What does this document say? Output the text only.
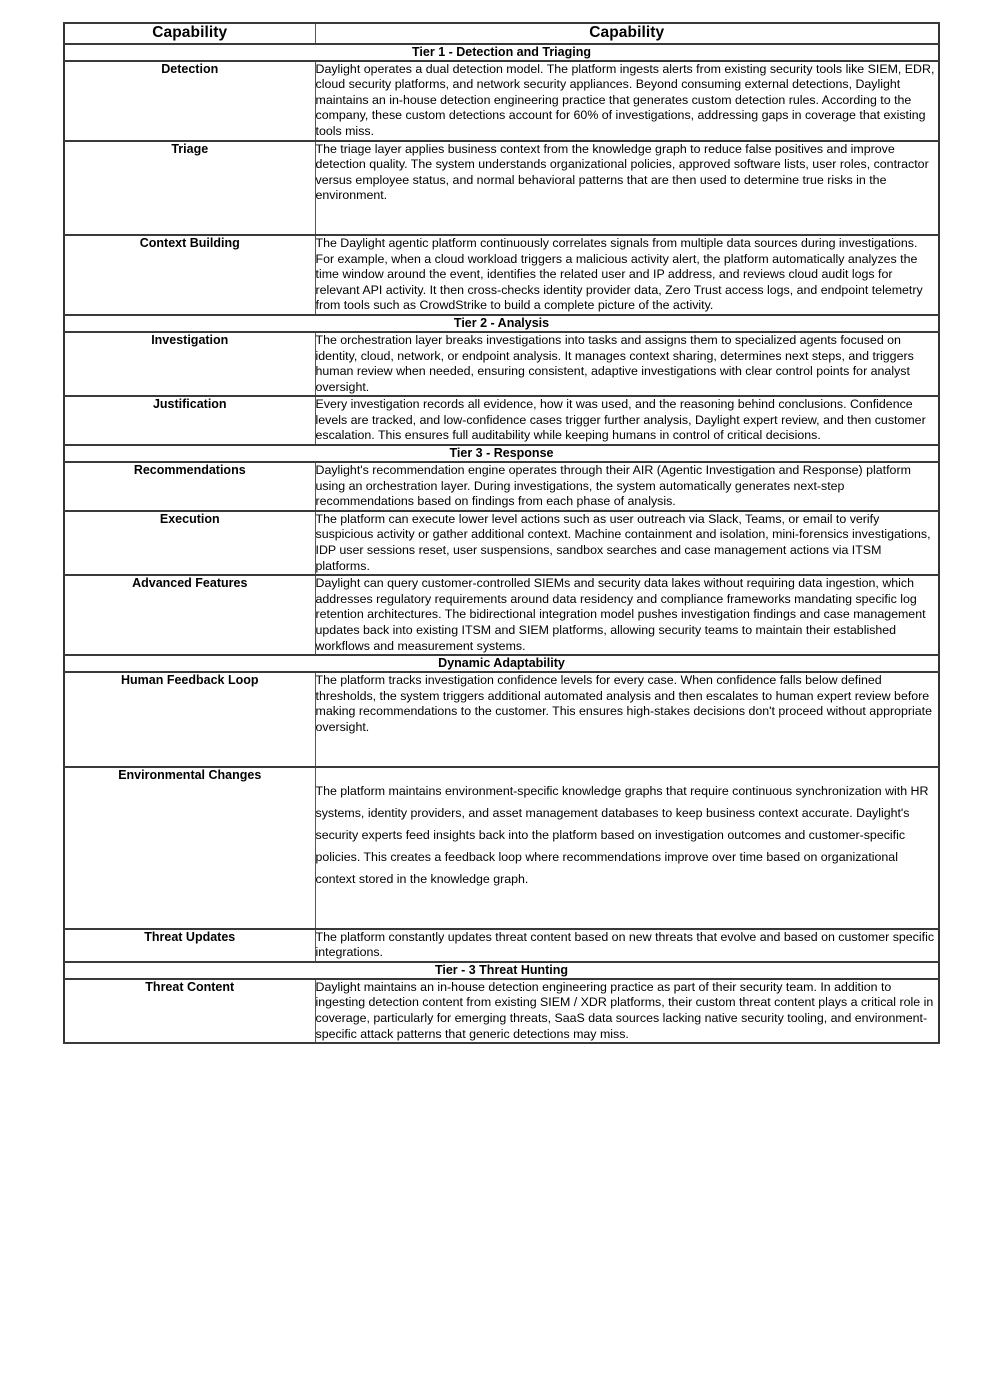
Capability	Capability
Tier 1 - Detection and Triaging	
Detection	Daylight operates a dual detection model. The platform ingests alerts from existing security tools like SIEM, EDR, cloud security platforms, and network security appliances. Beyond consuming external detections, Daylight maintains an in-house detection engineering practice that generates custom detection rules. According to the company, these custom detections account for 60% of investigations, addressing gaps in coverage that existing tools miss.
Triage	The triage layer applies business context from the knowledge graph to reduce false positives and improve detection quality. The system understands organizational policies, approved software lists, user roles, contractor versus employee status, and normal behavioral patterns that are then used to determine true risks in the environment.
Context Building	The Daylight agentic platform continuously correlates signals from multiple data sources during investigations. For example, when a cloud workload triggers a malicious activity alert, the platform automatically analyzes the time window around the event, identifies the related user and IP address, and reviews cloud audit logs for relevant API activity. It then cross-checks identity provider data, Zero Trust access logs, and endpoint telemetry from tools such as CrowdStrike to build a complete picture of the activity.
Tier 2 - Analysis	
Investigation	The orchestration layer breaks investigations into tasks and assigns them to specialized agents focused on identity, cloud, network, or endpoint analysis. It manages context sharing, determines next steps, and triggers human review when needed, ensuring consistent, adaptive investigations with clear control points for analyst oversight.
Justification	Every investigation records all evidence, how it was used, and the reasoning behind conclusions. Confidence levels are tracked, and low-confidence cases trigger further analysis, Daylight expert review, and then customer escalation. This ensures full auditability while keeping humans in control of critical decisions.
Tier 3 - Response	
Recommendations	Daylight's recommendation engine operates through their AIR (Agentic Investigation and Response) platform using an orchestration layer. During investigations, the system automatically generates next-step recommendations based on findings from each phase of analysis.
Execution	The platform can execute lower level actions such as user outreach via Slack, Teams, or email to verify suspicious activity or gather additional context. Machine containment and isolation, mini-forensics investigations, IDP user sessions reset, user suspensions, sandbox searches and case management actions via ITSM platforms.
Advanced Features	Daylight can query customer-controlled SIEMs and security data lakes without requiring data ingestion, which addresses regulatory requirements around data residency and compliance frameworks mandating specific log retention architectures. The bidirectional integration model pushes investigation findings and case management updates back into existing ITSM and SIEM platforms, allowing security teams to maintain their established workflows and measurement systems.
Dynamic Adaptability	
Human Feedback Loop	The platform tracks investigation confidence levels for every case. When confidence falls below defined thresholds, the system triggers additional automated analysis and then escalates to human expert review before making recommendations to the customer. This ensures high-stakes decisions don't proceed without appropriate oversight.
Environmental Changes	The platform maintains environment-specific knowledge graphs that require continuous synchronization with HR systems, identity providers, and asset management databases to keep business context accurate. Daylight's security experts feed insights back into the platform based on investigation outcomes and customer-specific policies. This creates a feedback loop where recommendations improve over time based on organizational context stored in the knowledge graph.
Threat Updates	The platform constantly updates threat content based on new threats that evolve and based on customer specific integrations.
Tier - 3 Threat Hunting	
Threat Content	Daylight maintains an in-house detection engineering practice as part of their security team. In addition to ingesting detection content from existing SIEM / XDR platforms, their custom threat content plays a critical role in coverage, particularly for emerging threats, SaaS data sources lacking native security tooling, and environment-specific attack patterns that generic detections may miss.
